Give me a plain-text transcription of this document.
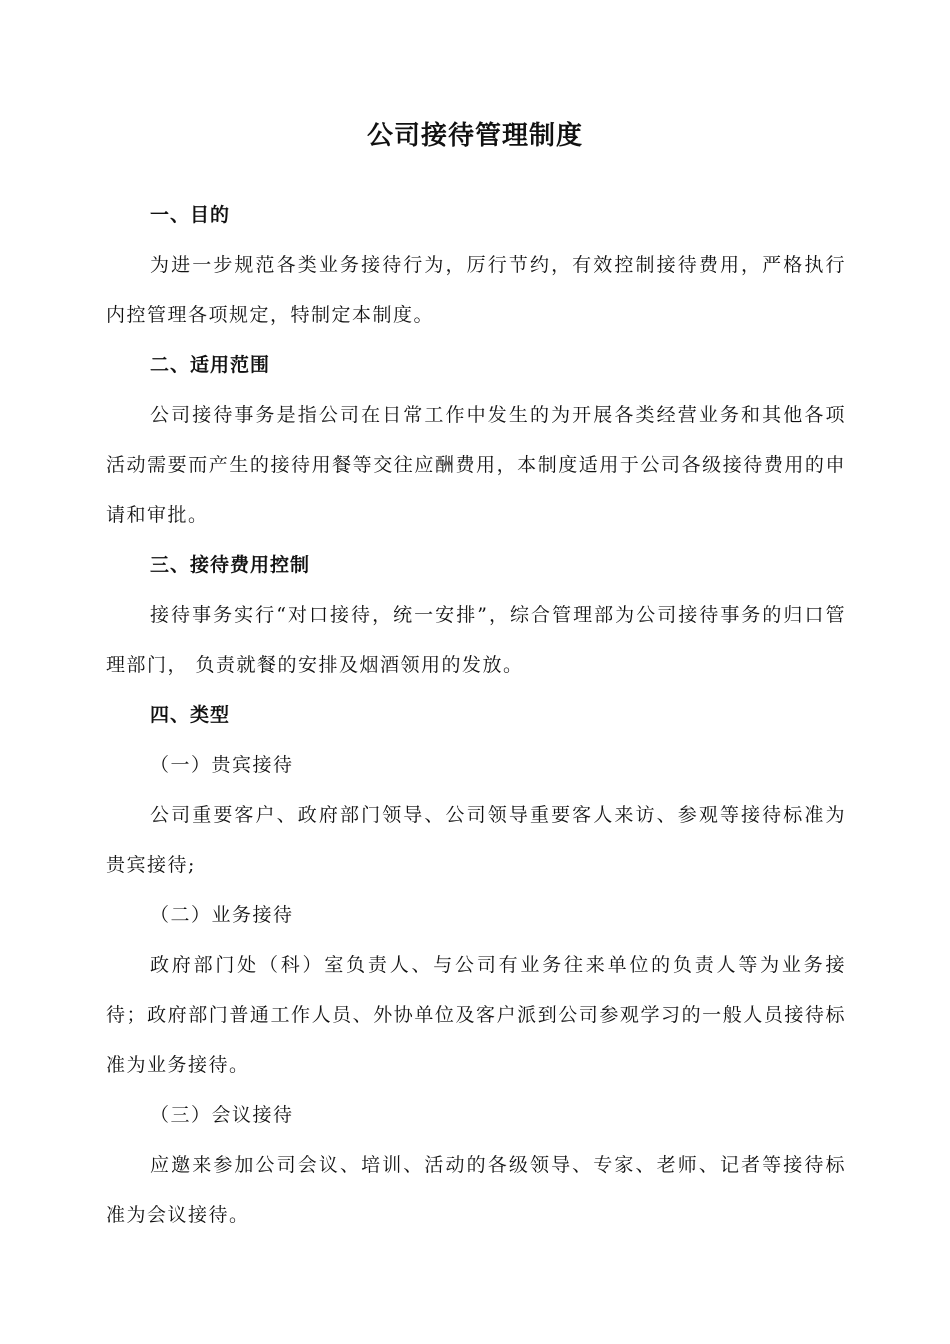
公司接待管理制度
一、目的

为进一步规范各类业务接待行为，厉行节约，有效控制接待费用，严格执行内控管理各项规定，特制定本制度。

二、适用范围

公司接待事务是指公司在日常工作中发生的为开展各类经营业务和其他各项活动需要而产生的接待用餐等交往应酬费用，本制度适用于公司各级接待费用的申请和审批。

三、接待费用控制

接待事务实行“对口接待，统一安排”，综合管理部为公司接待事务的归口管理部门， 负责就餐的安排及烟酒领用的发放。

四、类型
（一）贵宾接待

公司重要客户、政府部门领导、公司领导重要客人来访、参观等接待标准为贵宾接待;

（二）业务接待

政府部门处（科）室负责人、与公司有业务往来单位的负责人等为业务接待；政府部门普通工作人员、外协单位及客户派到公司参观学习的一般人员接待标准为业务接待。

（三）会议接待

应邀来参加公司会议、培训、活动的各级领导、专家、老师、记者等接待标准为会议接待。
